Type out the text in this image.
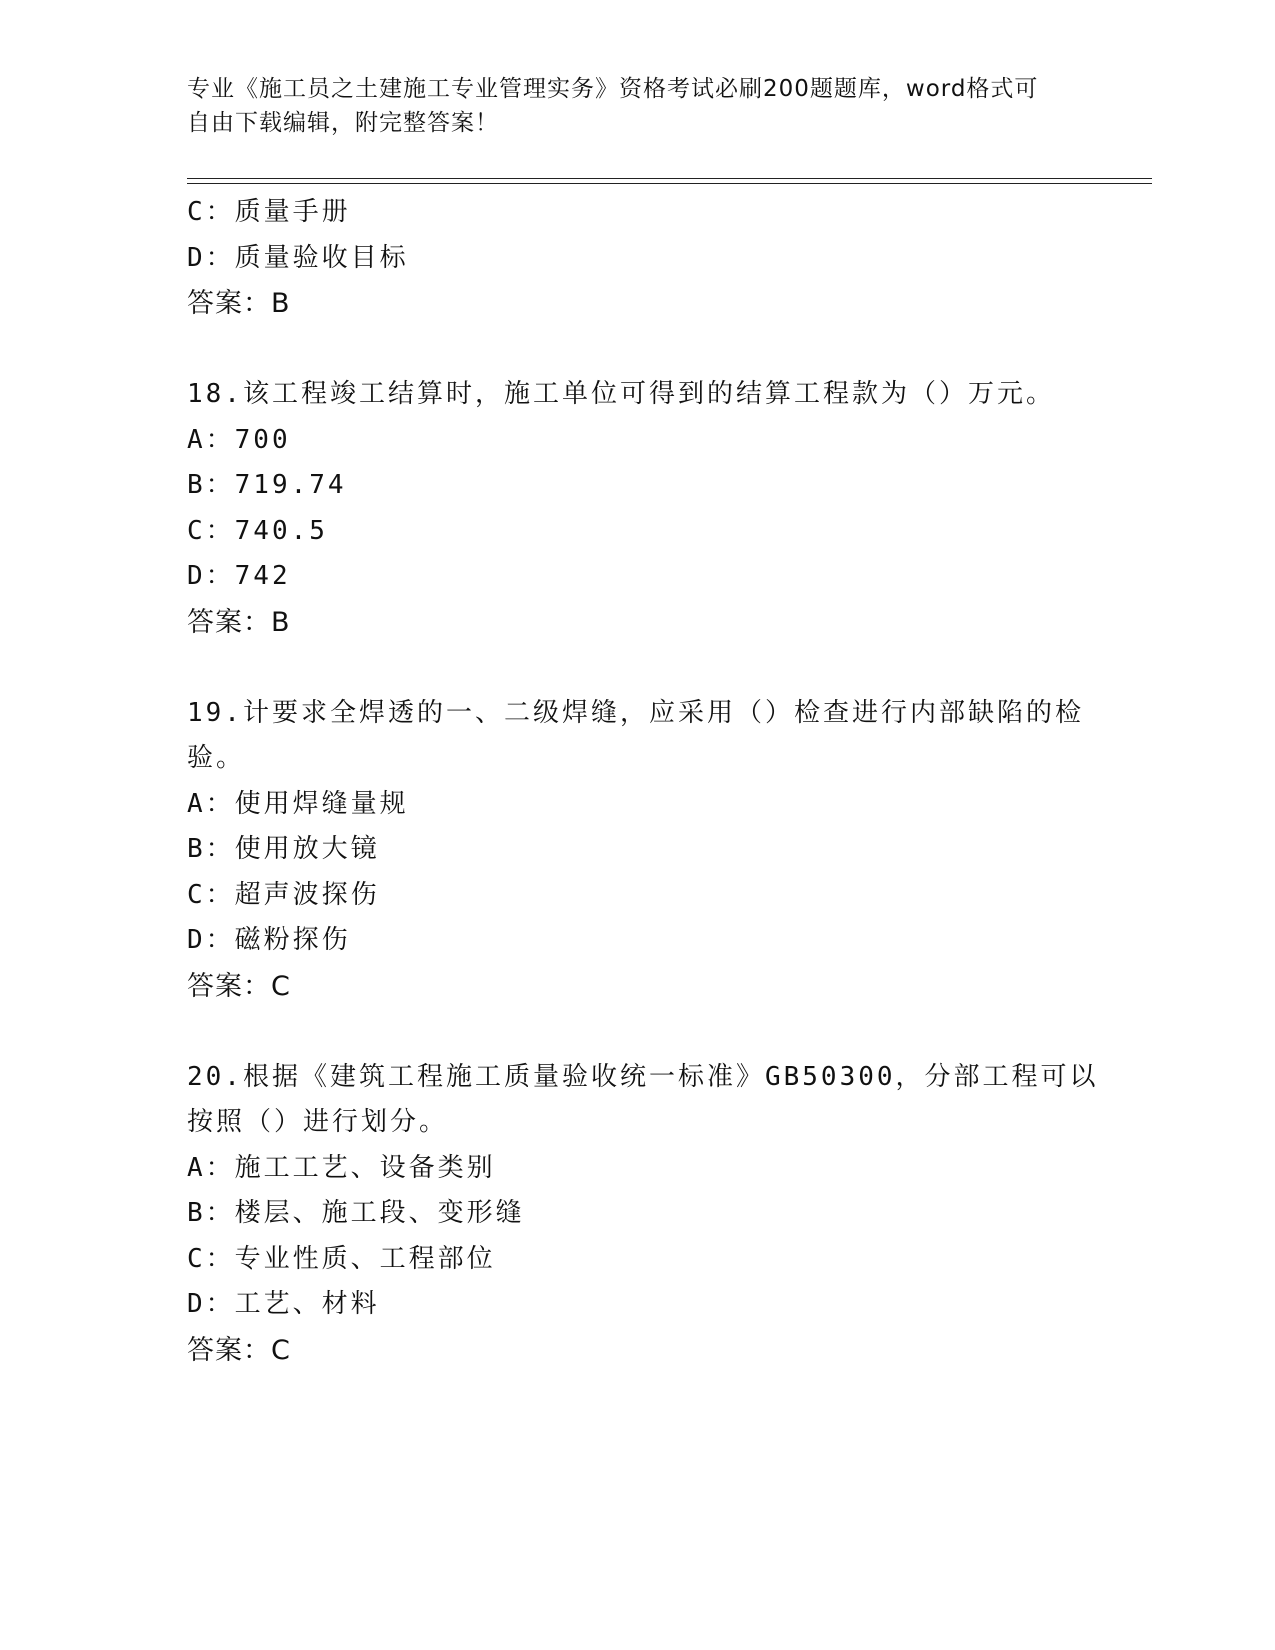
专业《施工员之土建施工专业管理实务》资格考试必刷200题题库，word格式可
自由下载编辑，附完整答案！
C：质量手册
D：质量验收目标
答案：B
18.该工程竣工结算时，施工单位可得到的结算工程款为（）万元。
A：700
B：719.74
C：740.5
D：742
答案：B
19.计要求全焊透的一、二级焊缝，应采用（）检查进行内部缺陷的检
验。
A：使用焊缝量规
B：使用放大镜
C：超声波探伤
D：磁粉探伤
答案：C
20.根据《建筑工程施工质量验收统一标准》GB50300，分部工程可以
按照（）进行划分。
A：施工工艺、设备类别
B：楼层、施工段、变形缝
C：专业性质、工程部位
D：工艺、材料
答案：C
